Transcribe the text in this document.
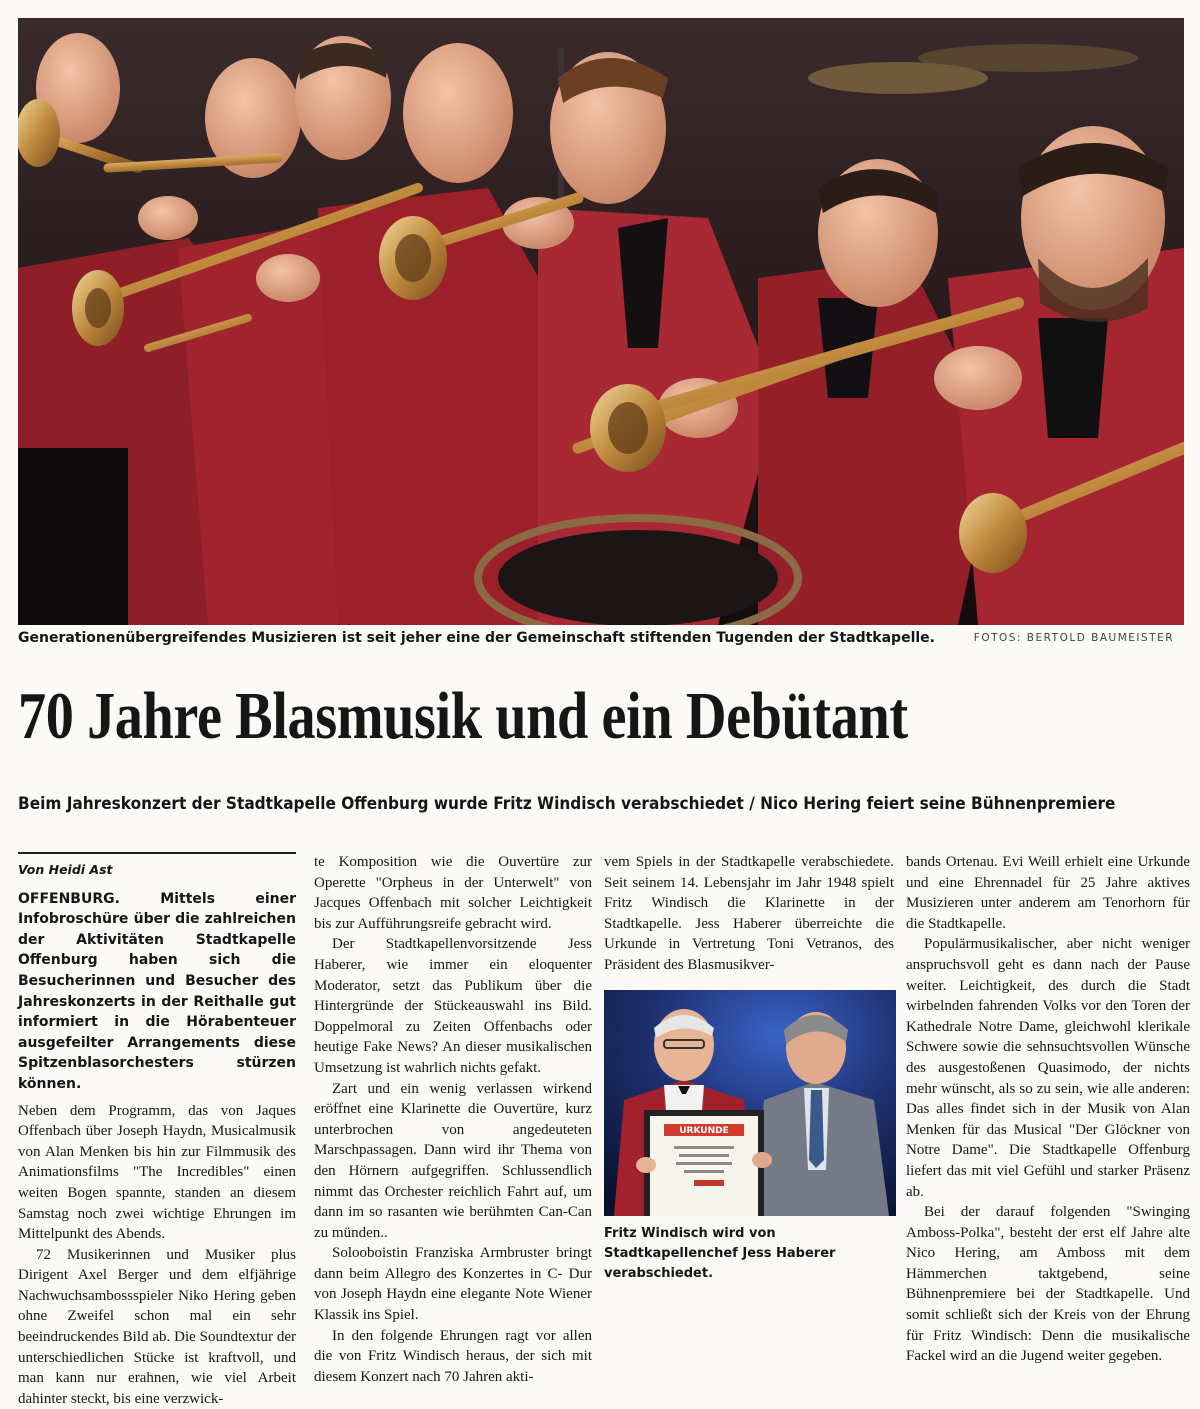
Generationenübergreifendes Musizieren ist seit jeher eine der Gemeinschaft stiftenden Tugenden der Stadtkapelle.	FOTOS: BERTOLD BAUMEISTER
70 Jahre Blasmusik und ein Debütant
Beim Jahreskonzert der Stadtkapelle Offenburg wurde Fritz Windisch verabschiedet / Nico Hering feiert seine Bühnenpremiere
Von Heidi Ast
OFFENBURG. Mittels einer Infobroschüre über die zahlreichen der Aktivitäten Stadtkapelle Offenburg haben sich die Besucherinnen und Besucher des Jahreskonzerts in der Reithalle gut informiert in die Hörabenteuer ausgefeilter Arrangements diese Spitzenblasorchesters stürzen können.

Neben dem Programm, das von Jaques Offenbach über Joseph Haydn, Musicalmusik von Alan Menken bis hin zur Filmmusik des Animationsfilms "The Incredibles" einen weiten Bogen spannte, standen an diesem Samstag noch zwei wichtige Ehrungen im Mittelpunkt des Abends.

72 Musikerinnen und Musiker plus Dirigent Axel Berger und dem elfjährige Nachwuchsambossspieler Niko Hering geben ohne Zweifel schon mal ein sehr beeindruckendes Bild ab. Die Soundtextur der unterschiedlichen Stücke ist kraftvoll, und man kann nur erahnen, wie viel Arbeit dahinter steckt, bis eine verzwick-

te Komposition wie die Ouvertüre zur Operette "Orpheus in der Unterwelt" von Jacques Offenbach mit solcher Leichtigkeit bis zur Aufführungsreife gebracht wird.

Der Stadtkapellenvorsitzende Jess Haberer, wie immer ein eloquenter Moderator, setzt das Publikum über die Hintergründe der Stückeauswahl ins Bild. Doppelmoral zu Zeiten Offenbachs oder heutige Fake News? An dieser musikalischen Umsetzung ist wahrlich nichts gefakt.

Zart und ein wenig verlassen wirkend eröffnet eine Klarinette die Ouvertüre, kurz unterbrochen von angedeuteten Marschpassagen. Dann wird ihr Thema von den Hörnern aufgegriffen. Schlussendlich nimmt das Orchester reichlich Fahrt auf, um dann im so rasanten wie berühmten Can-Can zu münden..

Solooboistin Franziska Armbruster bringt dann beim Allegro des Konzertes in C- Dur von Joseph Haydn eine elegante Note Wiener Klassik ins Spiel.

In den folgende Ehrungen ragt vor allen die von Fritz Windisch heraus, der sich mit diesem Konzert nach 70 Jahren akti-

vem Spiels in der Stadtkapelle verabschiedete. Seit seinem 14. Lebensjahr im Jahr 1948 spielt Fritz Windisch die Klarinette in der Stadtkapelle. Jess Haberer überreichte die Urkunde in Vertretung Toni Vetranos, des Präsident des Blasmusikver-

URKUNDE
Fritz Windisch wird von Stadtkapellenchef Jess Haberer verabschiedet.

bands Ortenau. Evi Weill erhielt eine Urkunde und eine Ehrennadel für 25 Jahre aktives Musizieren unter anderem am Tenorhorn für die Stadtkapelle.

Populärmusikalischer, aber nicht weniger anspruchsvoll geht es dann nach der Pause weiter. Leichtigkeit, des durch die Stadt wirbelnden fahrenden Volks vor den Toren der Kathedrale Notre Dame, gleichwohl klerikale Schwere sowie die sehnsuchtsvollen Wünsche des ausgestoßenen Quasimodo, der nichts mehr wünscht, als so zu sein, wie alle anderen: Das alles findet sich in der Musik von Alan Menken für das Musical "Der Glöckner von Notre Dame". Die Stadtkapelle Offenburg liefert das mit viel Gefühl und starker Präsenz ab.

Bei der darauf folgenden "Swinging Amboss-Polka", besteht der erst elf Jahre alte Nico Hering, am Amboss mit dem Hämmerchen taktgebend, seine Bühnenpremiere bei der Stadtkapelle. Und somit schließt sich der Kreis von der Ehrung für Fritz Windisch: Denn die musikalische Fackel wird an die Jugend weiter gegeben.
